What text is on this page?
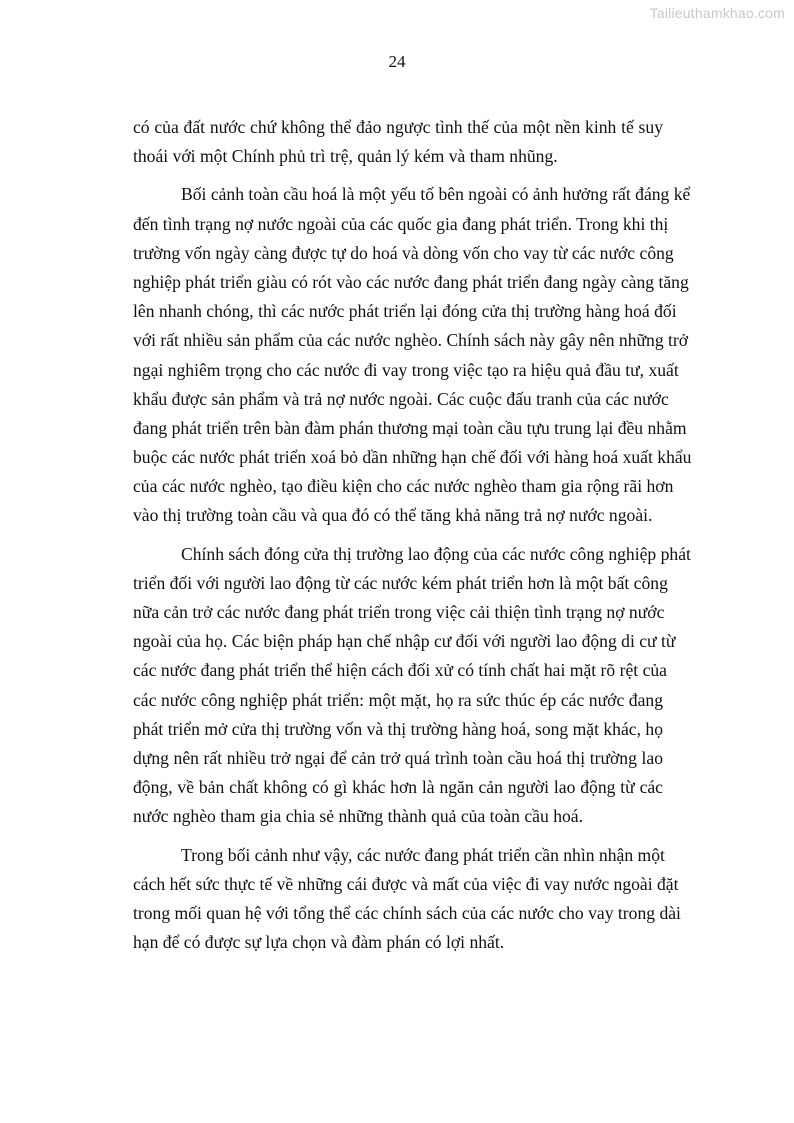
Tailieuthamkhao.com
24

có của đất nước chứ không thể đảo ngược tình thế của một nền kinh tế suy
thoái với một Chính phủ trì trệ, quản lý kém và tham nhũng.

Bối cảnh toàn cầu hoá là một yếu tố bên ngoài có ảnh hưởng rất đáng kể
đến tình trạng nợ nước ngoài của các quốc gia đang phát triển. Trong khi thị
trường vốn ngày càng được tự do hoá và dòng vốn cho vay từ các nước công
nghiệp phát triển giàu có rót vào các nước đang phát triển đang ngày càng tăng
lên nhanh chóng, thì các nước phát triển lại đóng cửa thị trường hàng hoá đối
với rất nhiều sản phẩm của các nước nghèo. Chính sách này gây nên những trở
ngại nghiêm trọng cho các nước đi vay trong việc tạo ra hiệu quả đầu tư, xuất
khẩu được sản phẩm và trả nợ nước ngoài. Các cuộc đấu tranh của các nước
đang phát triển trên bàn đàm phán thương mại toàn cầu tựu trung lại đều nhằm
buộc các nước phát triển xoá bỏ dần những hạn chế đối với hàng hoá xuất khẩu
của các nước nghèo, tạo điều kiện cho các nước nghèo tham gia rộng rãi hơn
vào thị trường toàn cầu và qua đó có thể tăng khả năng trả nợ nước ngoài.

Chính sách đóng cửa thị trường lao động của các nước công nghiệp phát
triển đối với người lao động từ các nước kém phát triển hơn là một bất công
nữa cản trở các nước đang phát triển trong việc cải thiện tình trạng nợ nước
ngoài của họ. Các biện pháp hạn chế nhập cư đối với người lao động di cư từ
các nước đang phát triển thể hiện cách đối xử có tính chất hai mặt rõ rệt của
các nước công nghiệp phát triển: một mặt, họ ra sức thúc ép các nước đang
phát triển mở cửa thị trường vốn và thị trường hàng hoá, song mặt khác, họ
dựng nên rất nhiều trở ngại để cản trở quá trình toàn cầu hoá thị trường lao
động, về bản chất không có gì khác hơn là ngăn cản người lao động từ các
nước nghèo tham gia chia sẻ những thành quả của toàn cầu hoá.

Trong bối cảnh như vậy, các nước đang phát triển cần nhìn nhận một
cách hết sức thực tế về những cái được và mất của việc đi vay nước ngoài đặt
trong mối quan hệ với tổng thể các chính sách của các nước cho vay trong dài
hạn để có được sự lựa chọn và đàm phán có lợi nhất.
